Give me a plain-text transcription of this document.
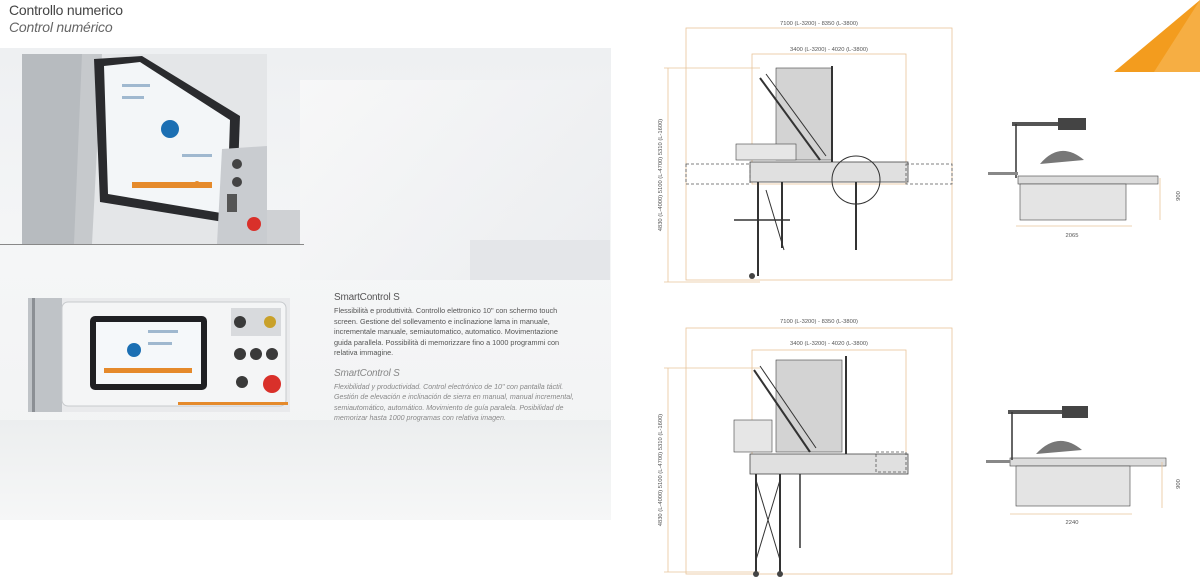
Controllo numerico
Control numérico
SmartControl S
Flessibilità e produttività. Controllo elettronico 10" con schermo touch screen. Gestione del sollevamento e inclinazione lama in manuale, incrementale manuale, semiautomatico, automatico. Movimentazione guida parallela. Possibilità di memorizzare fino a 1000 programmi con relativa immagine.
SmartControl S
Flexibilidad y productividad. Control electrónico de 10" con pantalla táctil. Gestión de elevación e inclinación de sierra en manual, manual incremental, semiautomático, automático. Movimiento de guía paralela. Posibilidad de memorizar hasta 1000 programas con relativa imagen.
7100 (L-3200) - 8350 (L-3800)
3400 (L-3200) - 4020 (L-3800)
4830 (L-4000) 5100 (L-4700) 5310 (L-1600)
2065
900
7100 (L-3200) - 8350 (L-3800)
3400 (L-3200) - 4020 (L-3800)
4830 (L-4000) 5100 (L-4700) 5310 (L-1600)	2240
900
